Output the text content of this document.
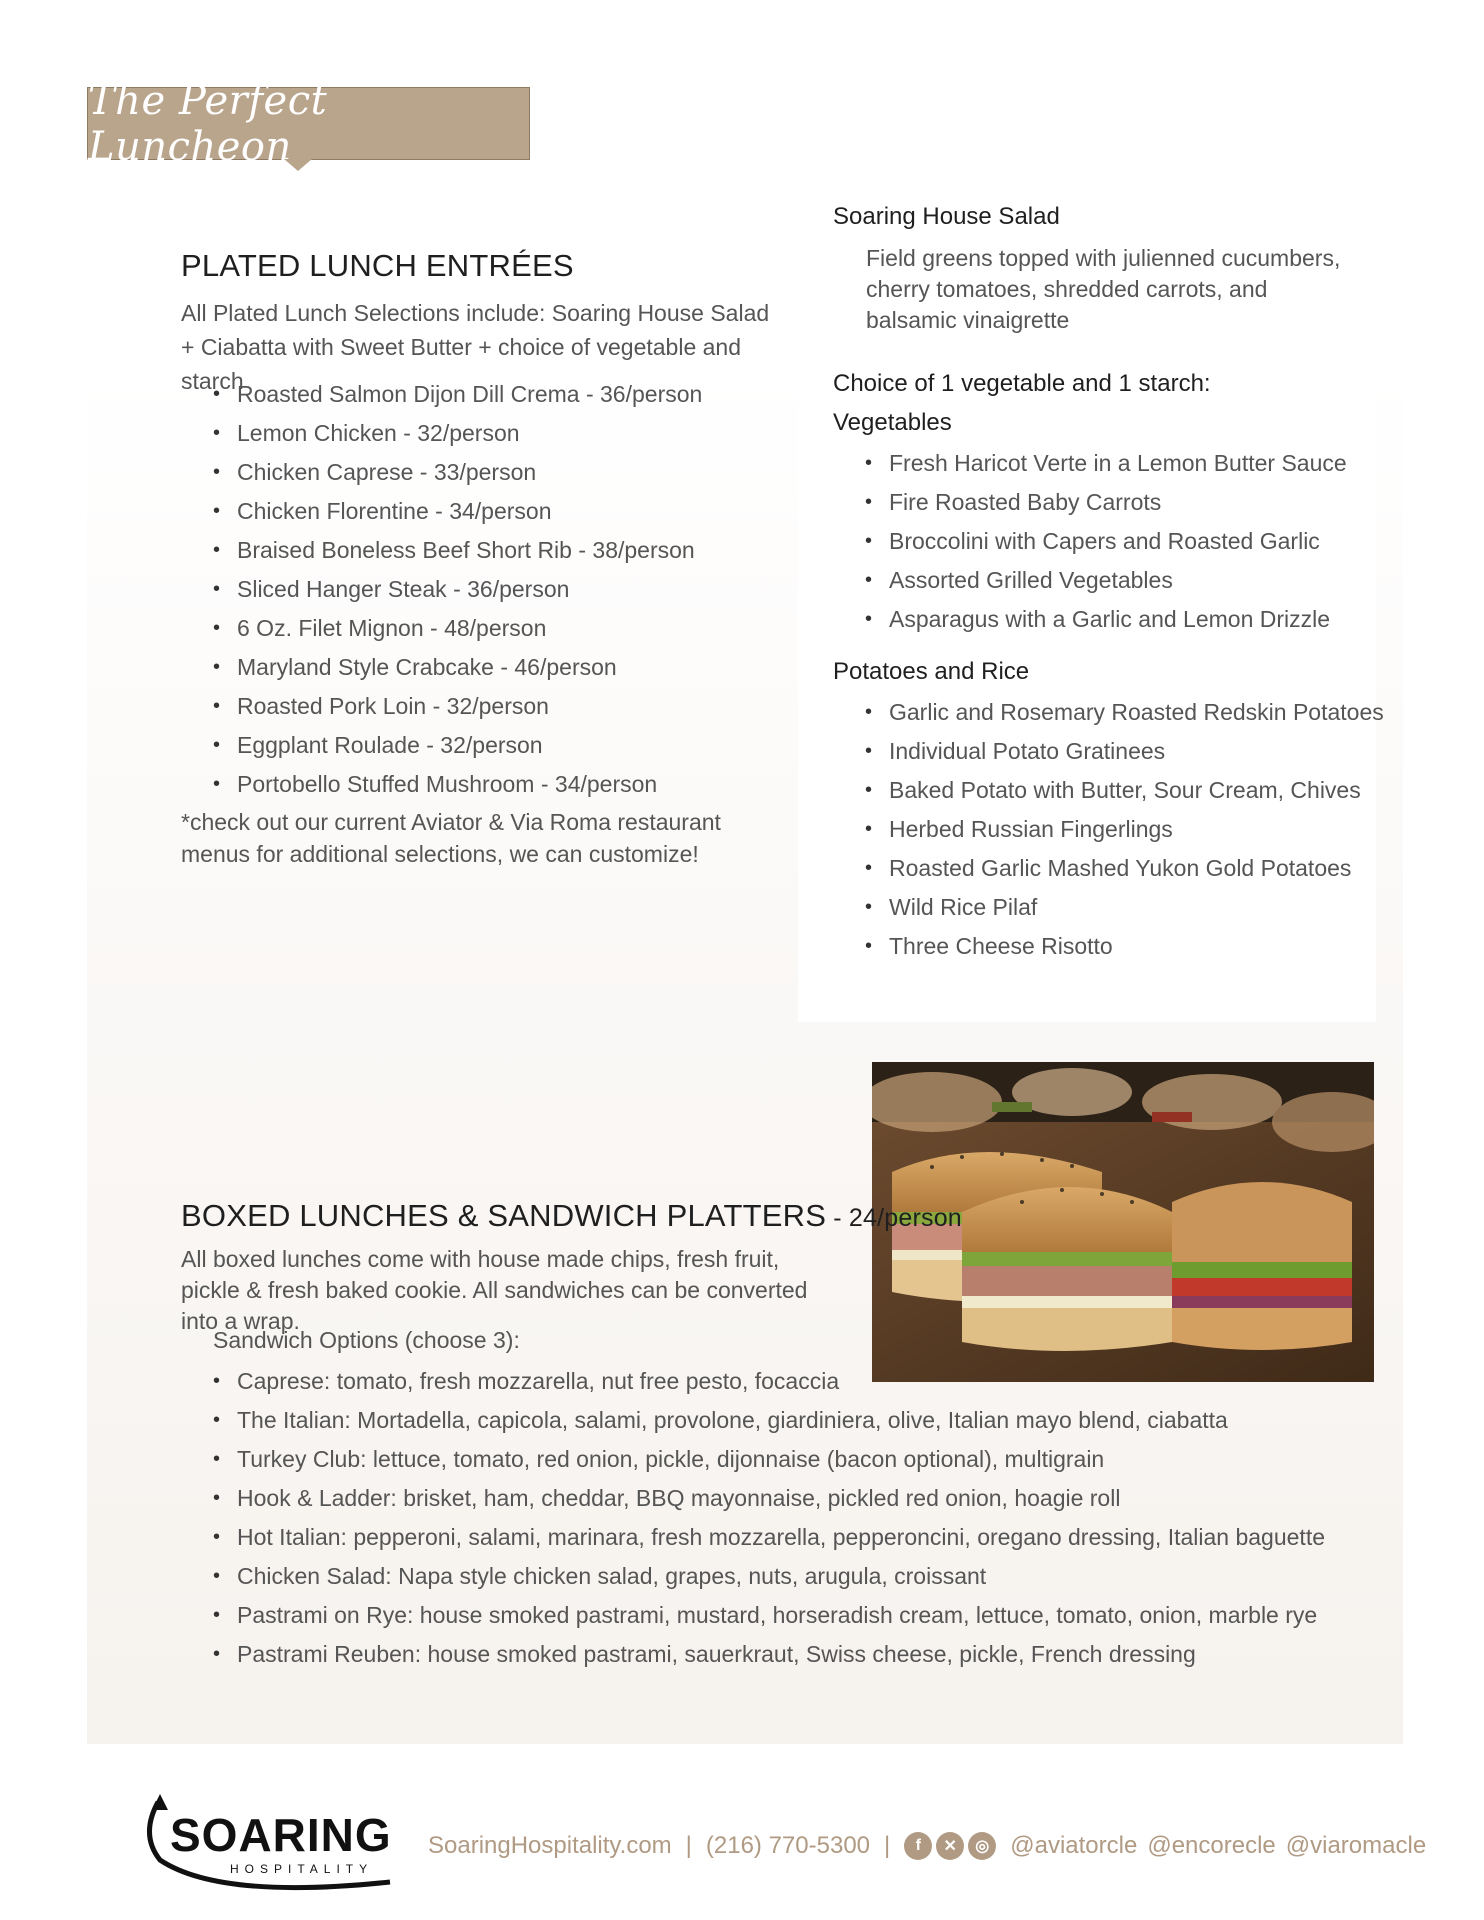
The Perfect Luncheon
PLATED LUNCH ENTRÉES
All Plated Lunch Selections include: Soaring House Salad + Ciabatta with Sweet Butter + choice of vegetable and starch
• Roasted Salmon Dijon Dill Crema - 36/person
• Lemon Chicken - 32/person
• Chicken Caprese - 33/person
• Chicken Florentine - 34/person
• Braised Boneless Beef Short Rib - 38/person
• Sliced Hanger Steak - 36/person
• 6 Oz. Filet Mignon - 48/person
• Maryland Style Crabcake - 46/person
• Roasted Pork Loin - 32/person
• Eggplant Roulade - 32/person
• Portobello Stuffed Mushroom - 34/person
*check out our current Aviator & Via Roma restaurant menus for additional selections, we can customize!
Soaring House Salad
Field greens topped with julienned cucumbers, cherry tomatoes, shredded carrots, and balsamic vinaigrette
Choice of 1 vegetable and 1 starch:
Vegetables
• Fresh Haricot Verte in a Lemon Butter Sauce
• Fire Roasted Baby Carrots
• Broccolini with Capers and Roasted Garlic
• Assorted Grilled Vegetables
• Asparagus with a Garlic and Lemon Drizzle
Potatoes and Rice
• Garlic and Rosemary Roasted Redskin Potatoes
• Individual Potato Gratinees
• Baked Potato with Butter, Sour Cream, Chives
• Herbed Russian Fingerlings
• Roasted Garlic Mashed Yukon Gold Potatoes
• Wild Rice Pilaf
• Three Cheese Risotto
BOXED LUNCHES & SANDWICH PLATTERS - 24/person
All boxed lunches come with house made chips, fresh fruit, pickle & fresh baked cookie. All sandwiches can be converted into a wrap.
Sandwich Options (choose 3):
• Caprese: tomato, fresh mozzarella, nut free pesto, focaccia
• The Italian: Mortadella, capicola, salami, provolone, giardiniera, olive, Italian mayo blend, ciabatta
• Turkey Club: lettuce, tomato, red onion, pickle, dijonnaise (bacon optional), multigrain
• Hook & Ladder: brisket, ham, cheddar, BBQ mayonnaise, pickled red onion, hoagie roll
• Hot Italian: pepperoni, salami, marinara, fresh mozzarella, pepperoncini, oregano dressing, Italian baguette
• Chicken Salad: Napa style chicken salad, grapes, nuts, arugula, croissant
• Pastrami on Rye: house smoked pastrami, mustard, horseradish cream, lettuce, tomato, onion, marble rye
• Pastrami Reuben: house smoked pastrami, sauerkraut, Swiss cheese, pickle, French dressing
SOARING
HOSPITALITY
SoaringHospitality.com | (216) 770-5300 |	f	✕	◎ @aviatorcle @encorecle @viaromacle
